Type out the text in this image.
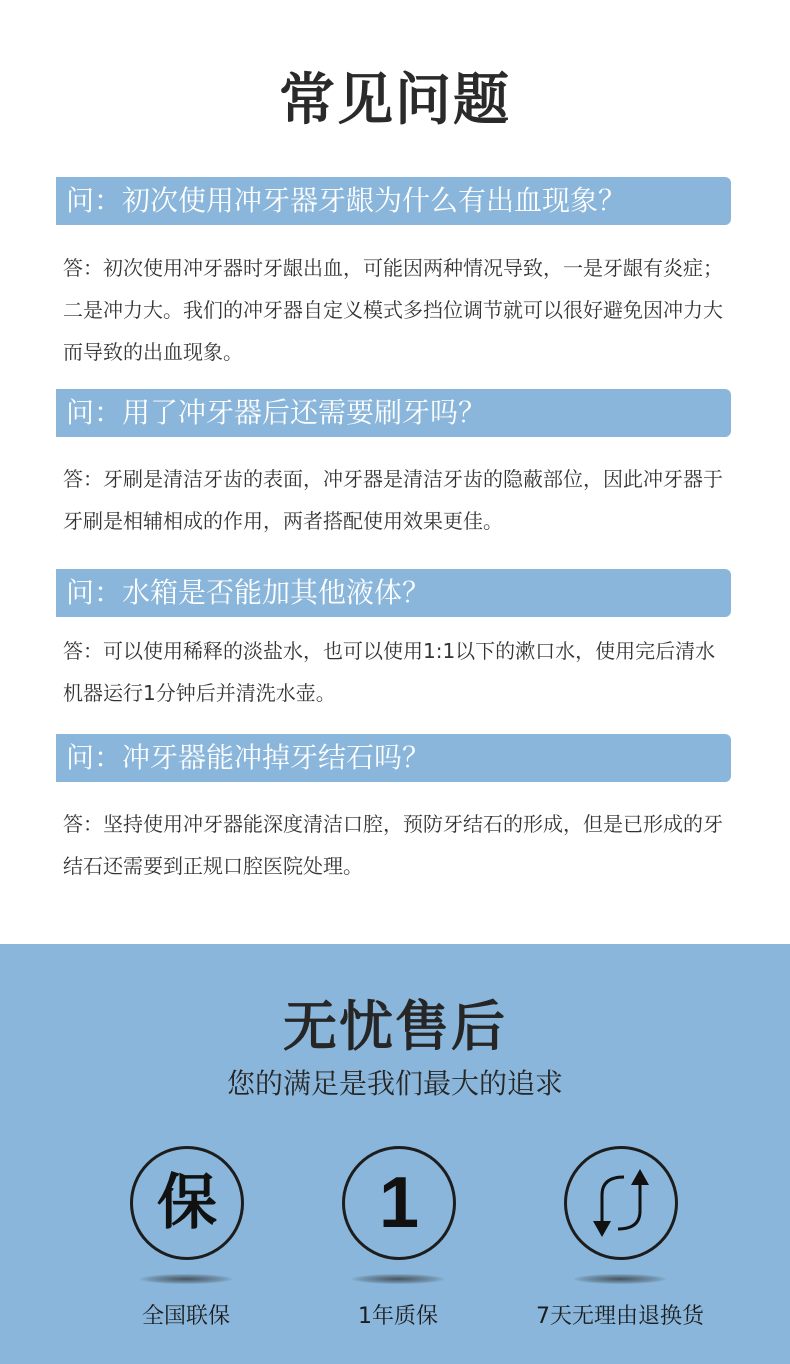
常见问题
问：初次使用冲牙器牙龈为什么有出血现象？
答：初次使用冲牙器时牙龈出血，可能因两种情况导致，一是牙龈有炎症；二是冲力大。我们的冲牙器自定义模式多挡位调节就可以很好避免因冲力大而导致的出血现象。
问：用了冲牙器后还需要刷牙吗？
答：牙刷是清洁牙齿的表面，冲牙器是清洁牙齿的隐蔽部位，因此冲牙器于牙刷是相辅相成的作用，两者搭配使用效果更佳。
问：水箱是否能加其他液体？
答：可以使用稀释的淡盐水，也可以使用1:1以下的漱口水，使用完后清水机器运行1分钟后并清洗水壶。
问：冲牙器能冲掉牙结石吗？
答：坚持使用冲牙器能深度清洁口腔，预防牙结石的形成，但是已形成的牙结石还需要到正规口腔医院处理。
无忧售后
您的满足是我们最大的追求
保
全国联保
1
1年质保	7天无理由退换货
